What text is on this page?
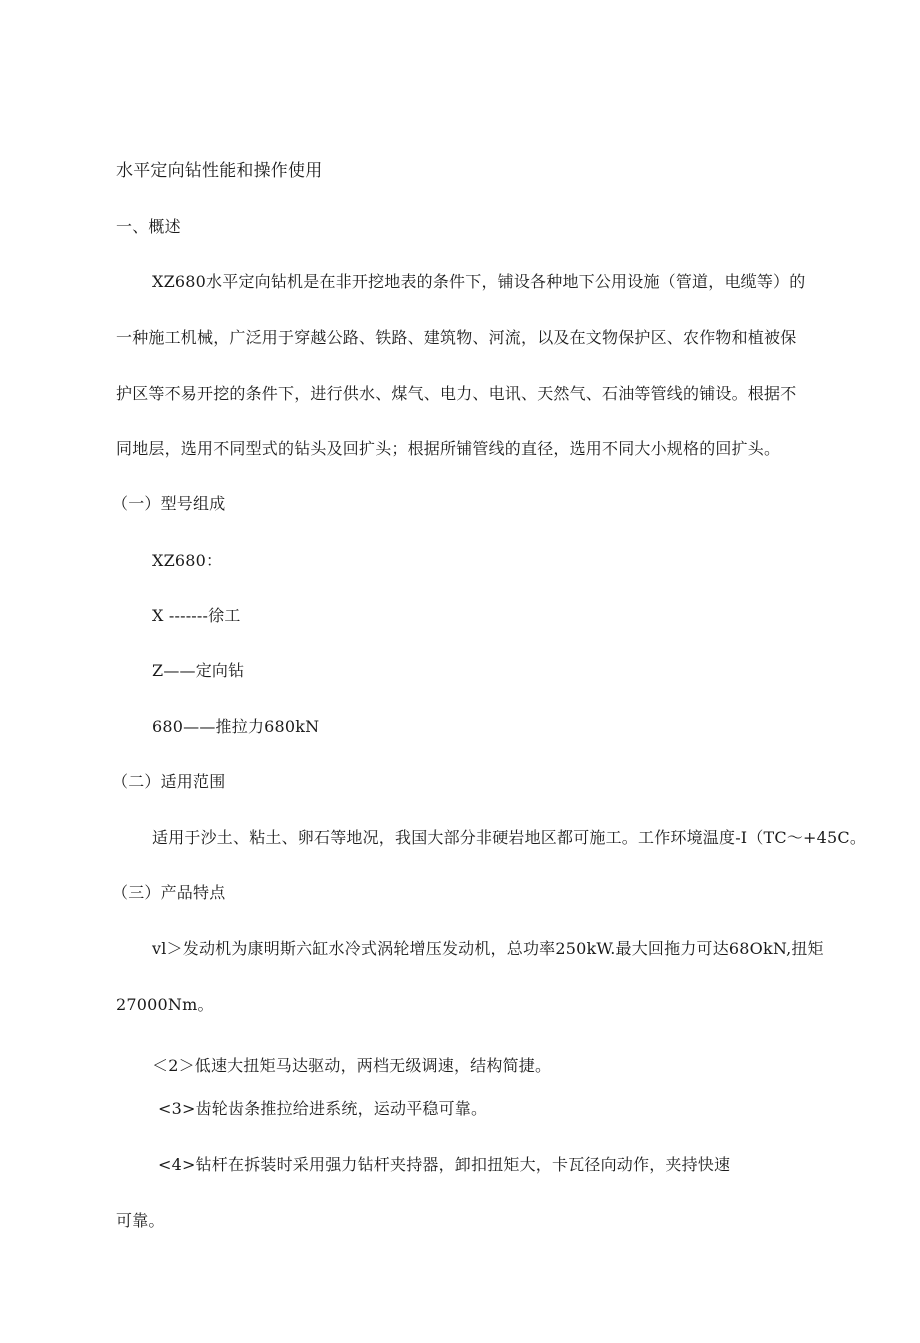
水平定向钻性能和操作使用
一、概述
XZ680水平定向钻机是在非开挖地表的条件下，铺设各种地下公用设施（管道，电缆等）的
一种施工机械，广泛用于穿越公路、铁路、建筑物、河流，以及在文物保护区、农作物和植被保
护区等不易开挖的条件下，进行供水、煤气、电力、电讯、天然气、石油等管线的铺设。根据不
同地层，选用不同型式的钻头及回扩头；根据所铺管线的直径，选用不同大小规格的回扩头。
（一）型号组成
XZ680：
X -------徐工
Z——定向钻
680——推拉力680kN
（二）适用范围
适用于沙土、粘土、卵石等地况，我国大部分非硬岩地区都可施工。工作环境温度-I（TC～+45C。
（三）产品特点
vl＞发动机为康明斯六缸水冷式涡轮增压发动机，总功率250kW.最大回拖力可达68OkN,扭矩
27000Nm。
＜2＞低速大扭矩马达驱动，两档无级调速，结构简捷。
<3>齿轮齿条推拉给进系统，运动平稳可靠。
<4>钻杆在拆装时采用强力钻杆夹持器，卸扣扭矩大，卡瓦径向动作，夹持快速
可靠。
